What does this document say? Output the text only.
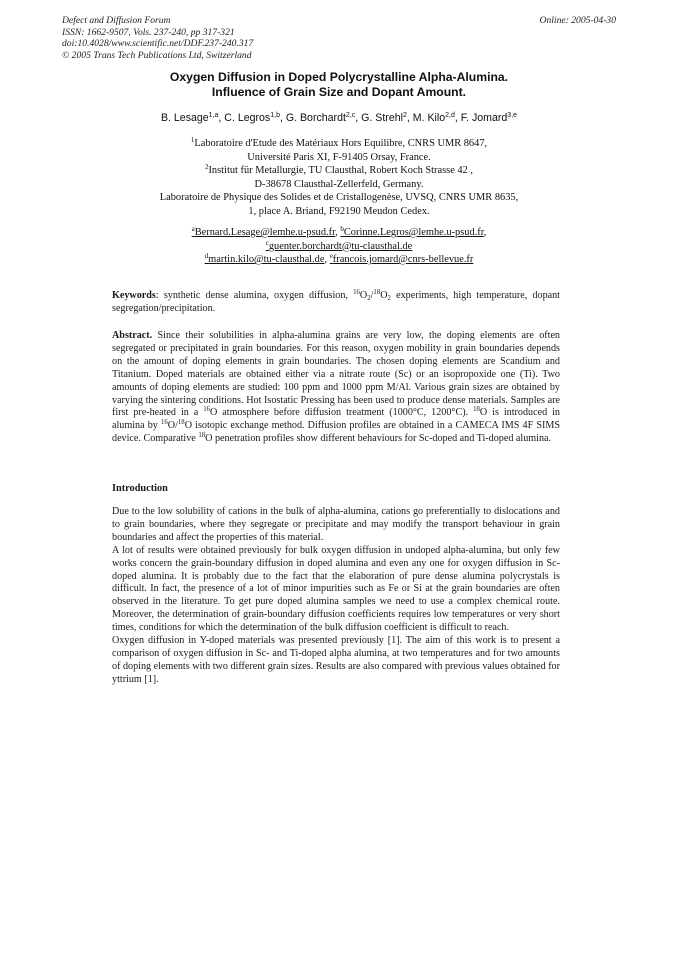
Defect and Diffusion Forum
ISSN: 1662-9507, Vols. 237-240, pp 317-321
doi:10.4028/www.scientific.net/DDF.237-240.317
© 2005 Trans Tech Publications Ltd, Switzerland
Online: 2005-04-30
Oxygen Diffusion in Doped Polycrystalline Alpha-Alumina.
Influence of Grain Size and Dopant Amount.
B. Lesage$^{1,a}$, C. Legros$^{1,b}$, G. Borchardt$^{2,c}$, G. Strehl$^2$, M. Kilo$^{2,d}$, F. Jomard$^{3,e}$
$^1$Laboratoire d'Etude des Matériaux Hors Equilibre, CNRS UMR 8647,
Université Paris XI, F-91405 Orsay, France.
$^2$Institut für Metallurgie, TU Clausthal, Robert Koch Strasse 42 ,
D-38678 Clausthal-Zellerfeld, Germany.
Laboratoire de Physique des Solides et de Cristallogenèse, UVSQ, CNRS UMR 8635,
1, place A. Briand, F92190 Meudon Cedex.
$^a$Bernard.Lesage@lemhe.u-psud.fr, $^b$Corinne.Legros@lemhe.u-psud.fr,
$^c$guenter.borchardt@tu-clausthal.de
$^d$martin.kilo@tu-clausthal.de, $^e$francois.jomard@cnrs-bellevue.fr

Keywords: synthetic dense alumina, oxygen diffusion, $^{16}O_2/^{18}O_2$ experiments, high temperature, dopant segregation/precipitation.

Abstract. Since their solubilities in alpha-alumina grains are very low, the doping elements are often segregated or precipitated in grain boundaries. For this reason, oxygen mobility in grain boundaries depends on the amount of doping elements in grain boundaries. The chosen doping elements are Scandium and Titanium. Doped materials are obtained either via a nitrate route (Sc) or an isopropoxide one (Ti). Two amounts of doping elements are studied: 100 ppm and 1000 ppm M/Al. Various grain sizes are obtained by varying the sintering conditions. Hot Isostatic Pressing has been used to produce dense materials. Samples are first pre-heated in a $^{16}$O atmosphere before diffusion treatment (1000°C, 1200°C). $^{18}$O is introduced in alumina by $^{16}$O/$^{18}$O isotopic exchange method. Diffusion profiles are obtained in a CAMECA IMS 4F SIMS device. Comparative $^{18}$O penetration profiles show different behaviours for Sc-doped and Ti-doped alumina.

Introduction

Due to the low solubility of cations in the bulk of alpha-alumina, cations go preferentially to dislocations and to grain boundaries, where they segregate or precipitate and may modify the transport behaviour in grain boundaries and affect the properties of this material.

A lot of results were obtained previously for bulk oxygen diffusion in undoped alpha-alumina, but only few works concern the grain-boundary diffusion in doped alumina and even any one for oxygen diffusion in Sc-doped alumina. It is probably due to the fact that the elaboration of pure dense alumina polycrystals is difficult. In fact, the presence of a lot of minor impurities such as Fe or Si at the grain boundaries are often observed in the literature. To get pure doped alumina samples we need to use a complex chemical route. Moreover, the determination of grain-boundary diffusion coefficients requires low temperatures or very short times, conditions for which the determination of the bulk diffusion coefficient is difficult to reach.

Oxygen diffusion in Y-doped materials was presented previously [1]. The aim of this work is to present a comparison of oxygen diffusion in Sc- and Ti-doped alpha alumina, at two temperatures and for two amounts of doping elements with two different grain sizes. Results are also compared with previous values obtained for yttrium [1].
